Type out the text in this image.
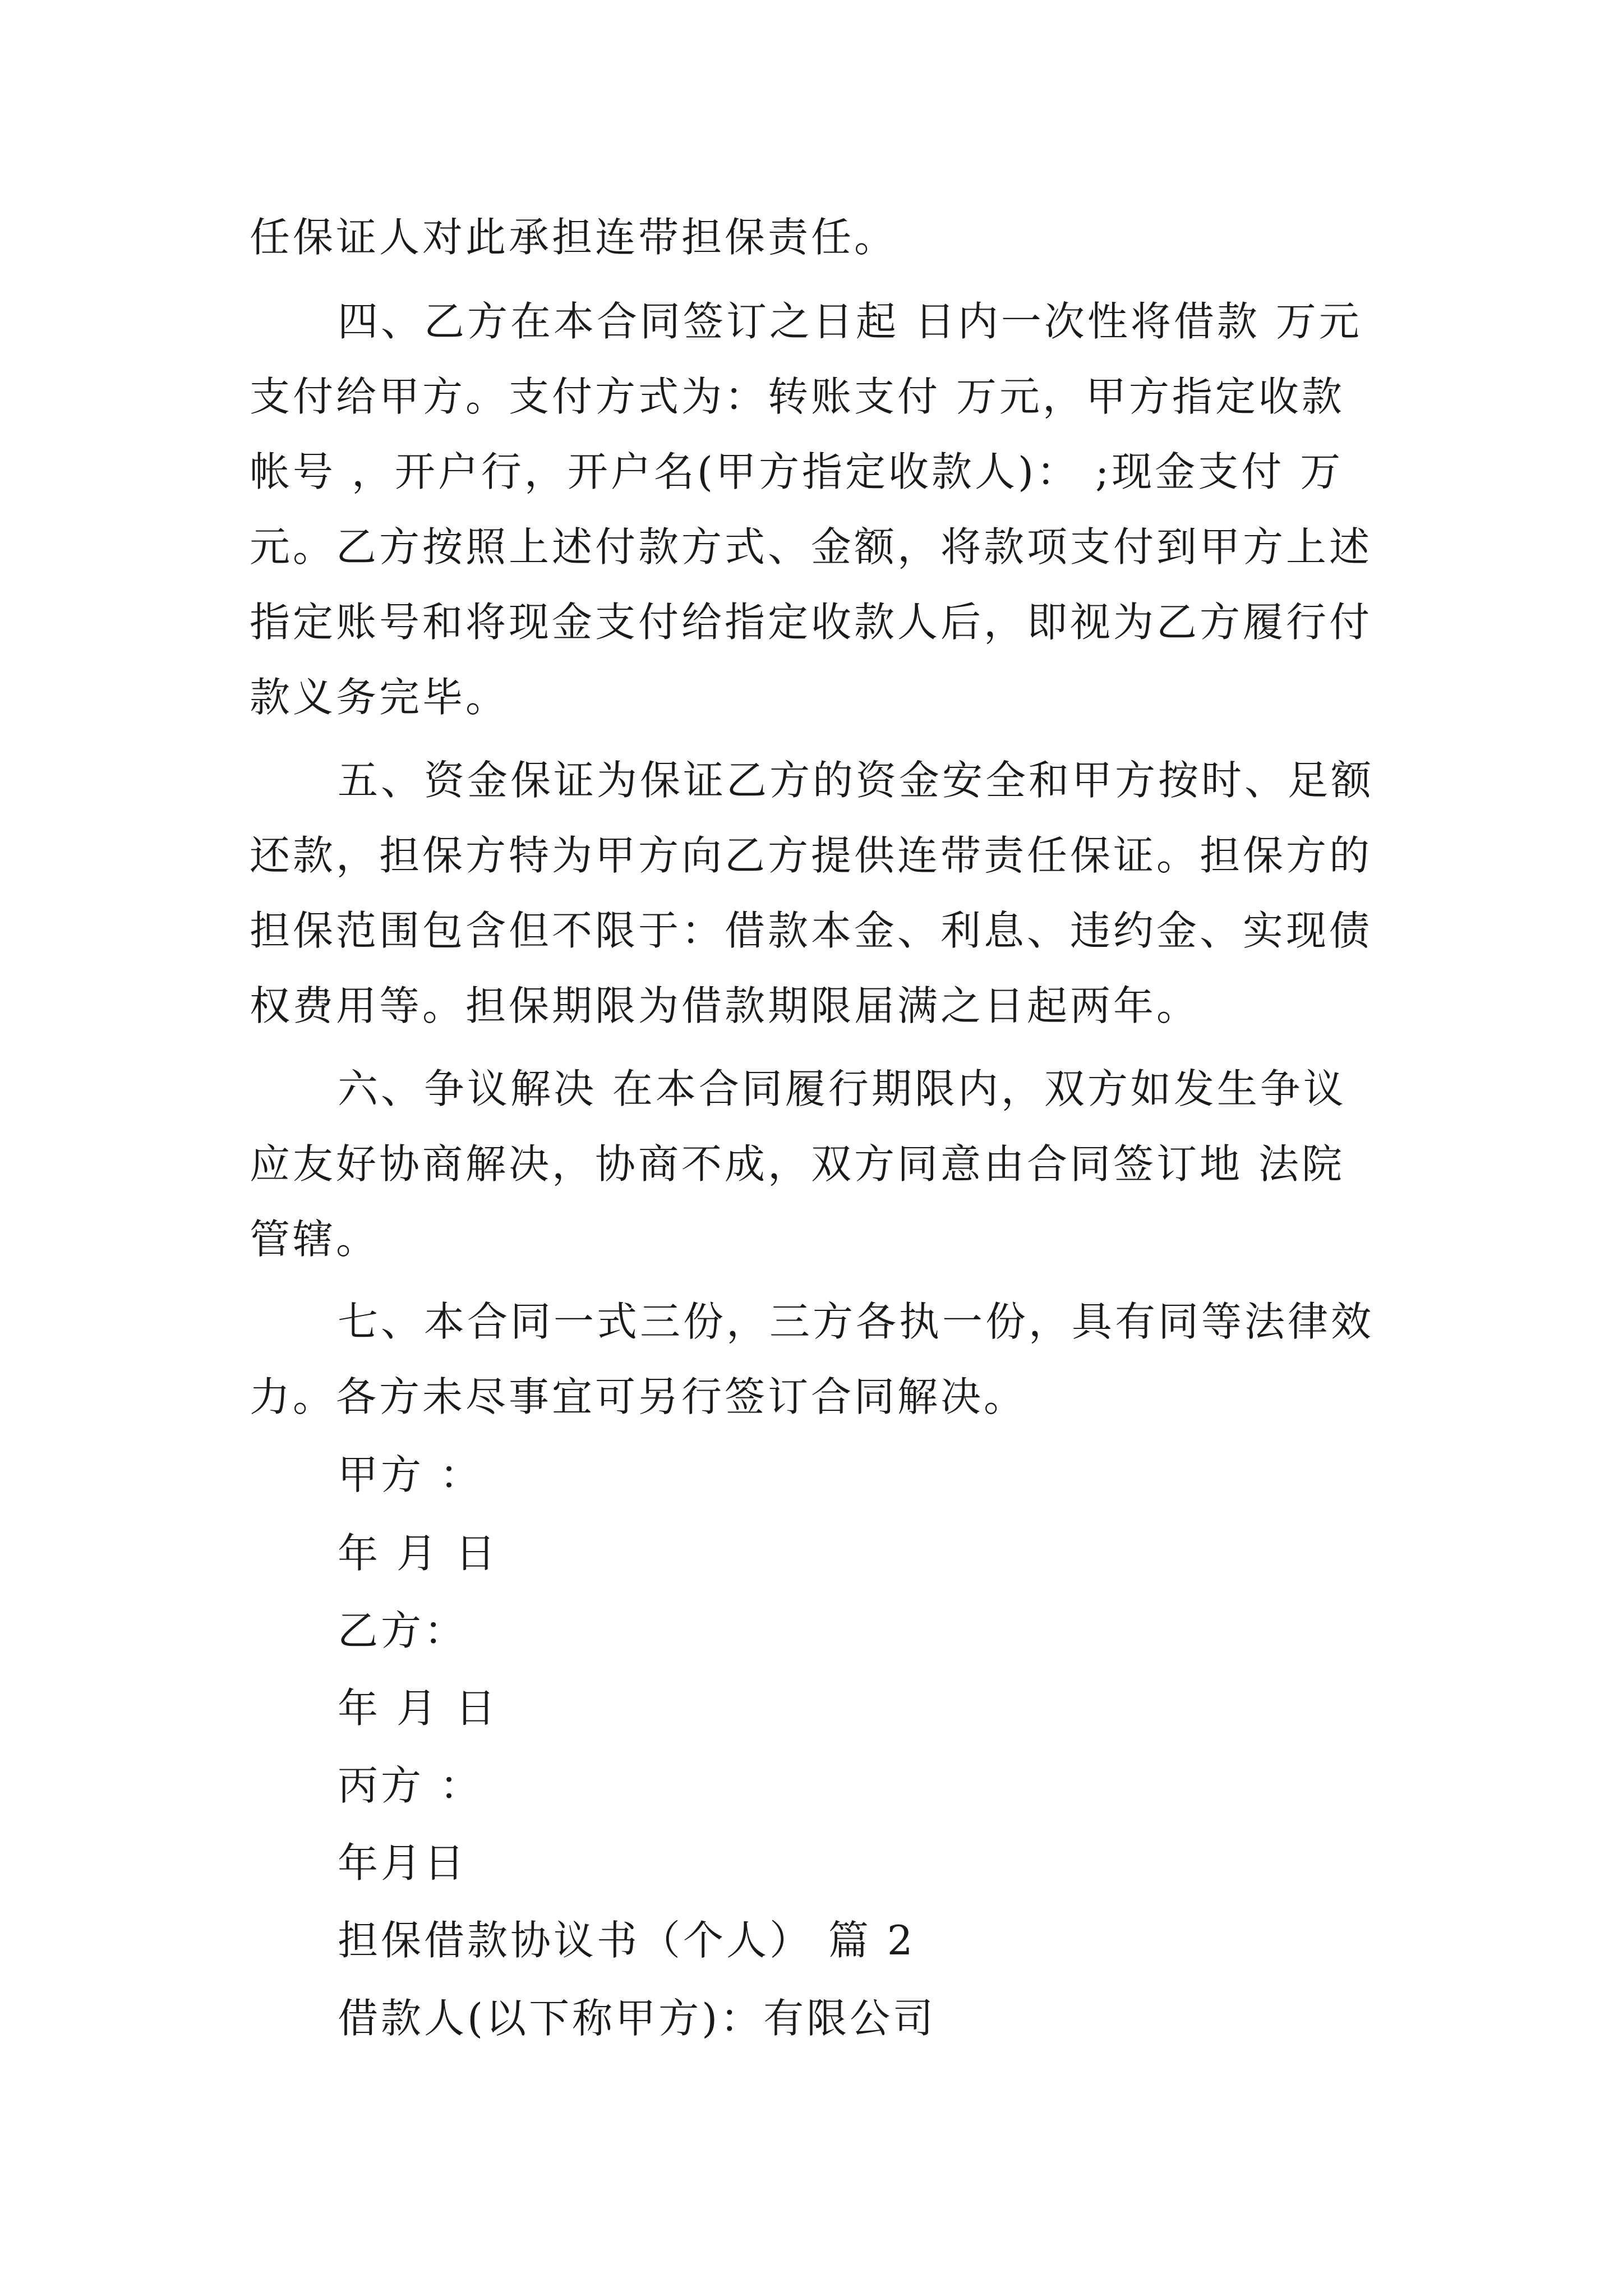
任保证人对此承担连带担保责任。
四、乙方在本合同签订之日起 日内一次性将借款 万元
支付给甲方。支付方式为：转账支付 万元，甲方指定收款
帐号 ，开户行，开户名(甲方指定收款人)： ;现金支付 万
元。乙方按照上述付款方式、金额，将款项支付到甲方上述
指定账号和将现金支付给指定收款人后，即视为乙方履行付
款义务完毕。
五、资金保证为保证乙方的资金安全和甲方按时、足额
还款，担保方特为甲方向乙方提供连带责任保证。担保方的
担保范围包含但不限于：借款本金、利息、违约金、实现债
权费用等。担保期限为借款期限届满之日起两年。
六、争议解决 在本合同履行期限内，双方如发生争议
应友好协商解决，协商不成，双方同意由合同签订地 法院
管辖。
七、本合同一式三份，三方各执一份，具有同等法律效
力。各方未尽事宜可另行签订合同解决。
甲方 ：
年 月 日
乙方：
年 月 日
丙方 ：
年月日
担保借款协议书（个人） 篇 2
借款人(以下称甲方)：有限公司
